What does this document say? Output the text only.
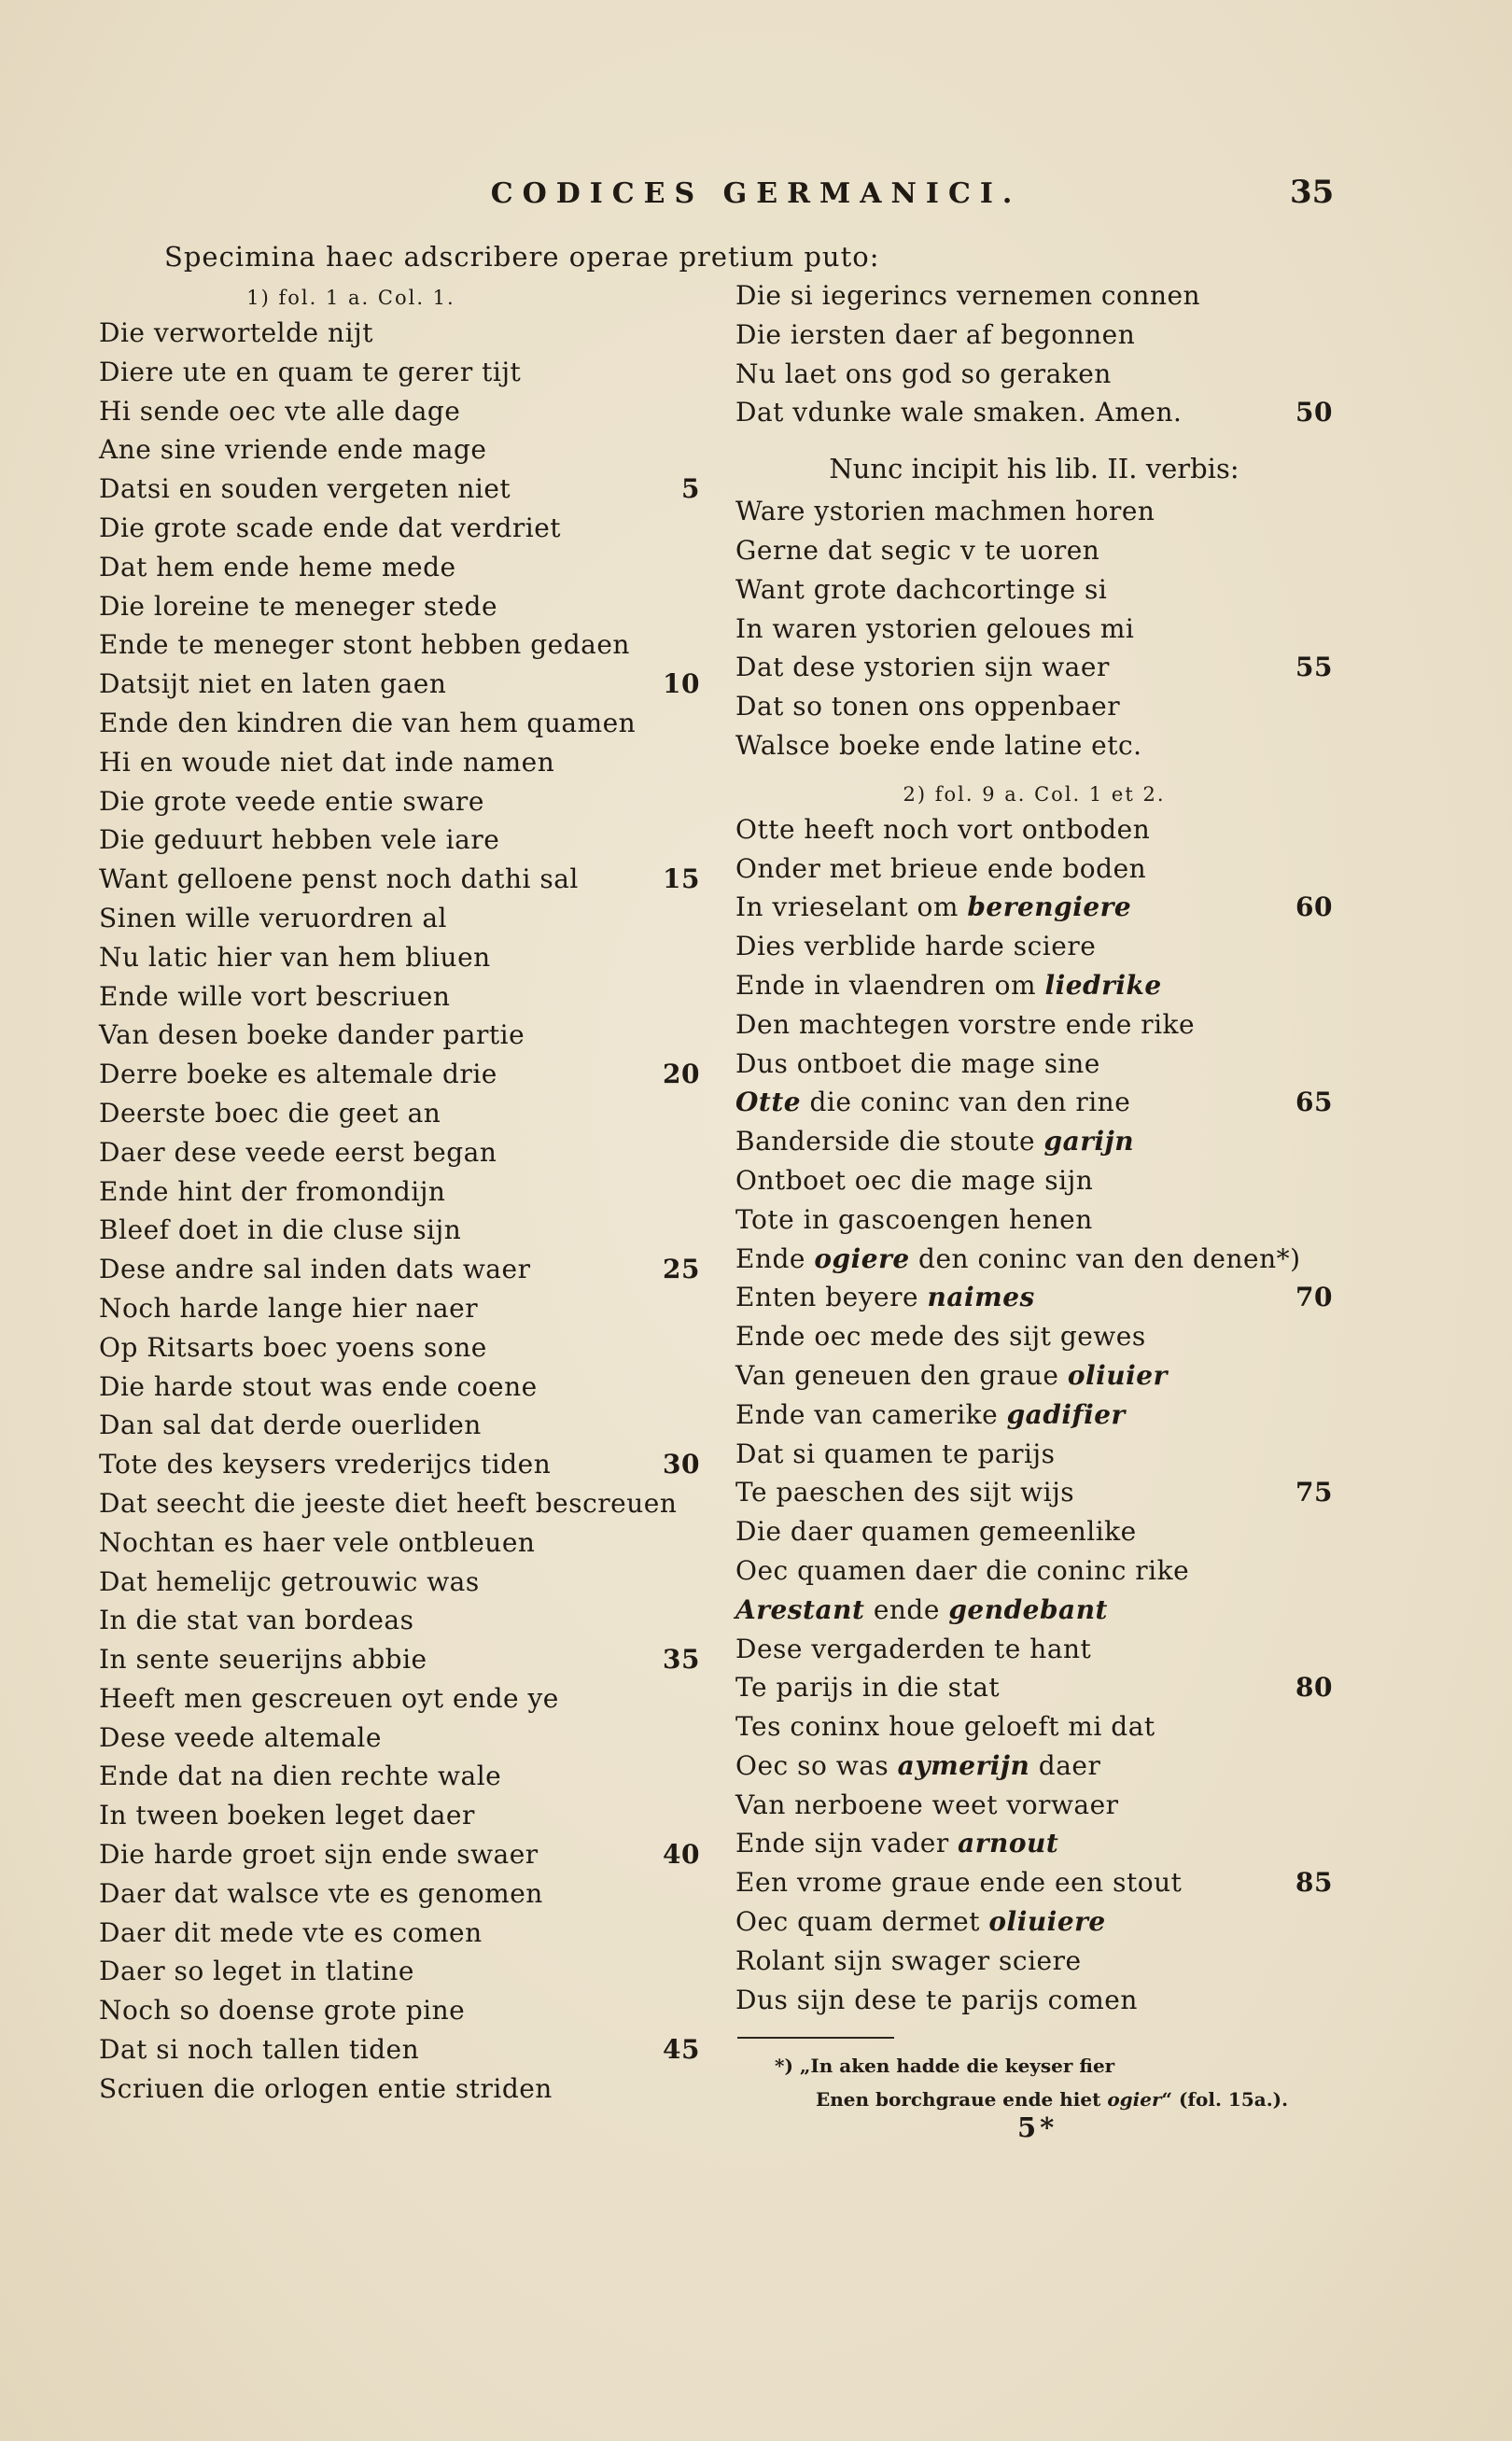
CODICES GERMANICI.	35
Specimina haec adscribere operae pretium puto:
1) fol. 1 a. Col. 1.
Die verwortelde nijt
Diere ute en quam te gerer tijt
Hi sende oec vte alle dage
Ane sine vriende ende mage
Datsi en souden vergeten niet	5
Die grote scade ende dat verdriet
Dat hem ende heme mede
Die loreine te meneger stede
Ende te meneger stont hebben gedaen
Datsijt niet en laten gaen	10
Ende den kindren die van hem quamen
Hi en woude niet dat inde namen
Die grote veede entie sware
Die geduurt hebben vele iare
Want gelloene penst noch dathi sal	15
Sinen wille veruordren al
Nu latic hier van hem bliuen
Ende wille vort bescriuen
Van desen boeke dander partie
Derre boeke es altemale drie	20
Deerste boec die geet an
Daer dese veede eerst began
Ende hint der fromondijn
Bleef doet in die cluse sijn
Dese andre sal inden dats waer	25
Noch harde lange hier naer
Op Ritsarts boec yoens sone
Die harde stout was ende coene
Dan sal dat derde ouerliden
Tote des keysers vrederijcs tiden	30
Dat seecht die jeeste diet heeft bescreuen
Nochtan es haer vele ontbleuen
Dat hemelijc getrouwic was
In die stat van bordeas
In sente seuerijns abbie	35
Heeft men gescreuen oyt ende ye
Dese veede altemale
Ende dat na dien rechte wale
In tween boeken leget daer
Die harde groet sijn ende swaer	40
Daer dat walsce vte es genomen
Daer dit mede vte es comen
Daer so leget in tlatine
Noch so doense grote pine
Dat si noch tallen tiden	45
Scriuen die orlogen entie striden
Die si iegerincs vernemen connen
Die iersten daer af begonnen
Nu laet ons god so geraken
Dat vdunke wale smaken. Amen.	50
Nunc incipit his lib. II. verbis:
Ware ystorien machmen horen
Gerne dat segic v te uoren
Want grote dachcortinge si
In waren ystorien geloues mi
Dat dese ystorien sijn waer	55
Dat so tonen ons oppenbaer
Walsce boeke ende latine etc.
2) fol. 9 a. Col. 1 et 2.
Otte heeft noch vort ontboden
Onder met brieue ende boden
In vrieselant om berengiere	60
Dies verblide harde sciere
Ende in vlaendren om liedrike
Den machtegen vorstre ende rike
Dus ontboet die mage sine
Otte die coninc van den rine	65
Banderside die stoute garijn
Ontboet oec die mage sijn
Tote in gascoengen henen
Ende ogiere den coninc van den denen*)
Enten beyere naimes	70
Ende oec mede des sijt gewes
Van geneuen den graue oliuier
Ende van camerike gadifier
Dat si quamen te parijs
Te paeschen des sijt wijs	75
Die daer quamen gemeenlike
Oec quamen daer die coninc rike
Arestant ende gendebant
Dese vergaderden te hant
Te parijs in die stat	80
Tes coninx houe geloeft mi dat
Oec so was aymerijn daer
Van nerboene weet vorwaer
Ende sijn vader arnout
Een vrome graue ende een stout	85
Oec quam dermet oliuiere
Rolant sijn swager sciere
Dus sijn dese te parijs comen
*) „In aken hadde die keyser fier
Enen borchgraue ende hiet ogier“ (fol. 15a.).
5*
